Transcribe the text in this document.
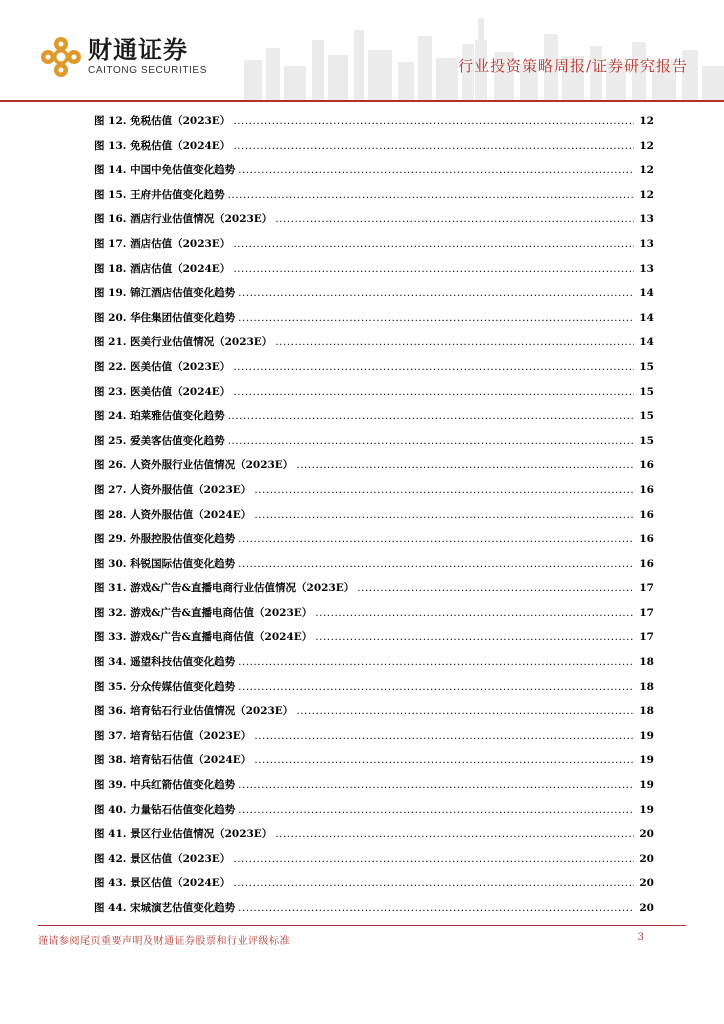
财通证券
CAITONG SECURITIES	行业投资策略周报/证券研究报告
图 12. 免税估值（2023E） .....	12
图 13. 免税估值（2024E） .....	12
图 14. 中国中免估值变化趋势 .....	12
图 15. 王府井估值变化趋势 .....	12
图 16. 酒店行业估值情况（2023E） .....	13
图 17. 酒店估值（2023E） .....	13
图 18. 酒店估值（2024E） .....	13
图 19. 锦江酒店估值变化趋势 .....	14
图 20. 华住集团估值变化趋势 .....	14
图 21. 医美行业估值情况（2023E） .....	14
图 22. 医美估值（2023E） .....	15
图 23. 医美估值（2024E） .....	15
图 24. 珀莱雅估值变化趋势 .....	15
图 25. 爱美客估值变化趋势 .....	15
图 26. 人资外服行业估值情况（2023E） .....	16
图 27. 人资外服估值（2023E） .....	16
图 28. 人资外服估值（2024E） .....	16
图 29. 外服控股估值变化趋势 .....	16
图 30. 科锐国际估值变化趋势 .....	16
图 31. 游戏&广告&直播电商行业估值情况（2023E） .....	17
图 32. 游戏&广告&直播电商估值（2023E） .....	17
图 33. 游戏&广告&直播电商估值（2024E） .....	17
图 34. 遥望科技估值变化趋势 .....	18
图 35. 分众传媒估值变化趋势 .....	18
图 36. 培育钻石行业估值情况（2023E） .....	18
图 37. 培育钻石估值（2023E） .....	19
图 38. 培育钻石估值（2024E） .....	19
图 39. 中兵红箭估值变化趋势 .....	19
图 40. 力量钻石估值变化趋势 .....	19
图 41. 景区行业估值情况（2023E） .....	20
图 42. 景区估值（2023E） .....	20
图 43. 景区估值（2024E） .....	20
图 44. 宋城演艺估值变化趋势 .....	20
谨请参阅尾页重要声明及财通证券股票和行业评级标准	3
